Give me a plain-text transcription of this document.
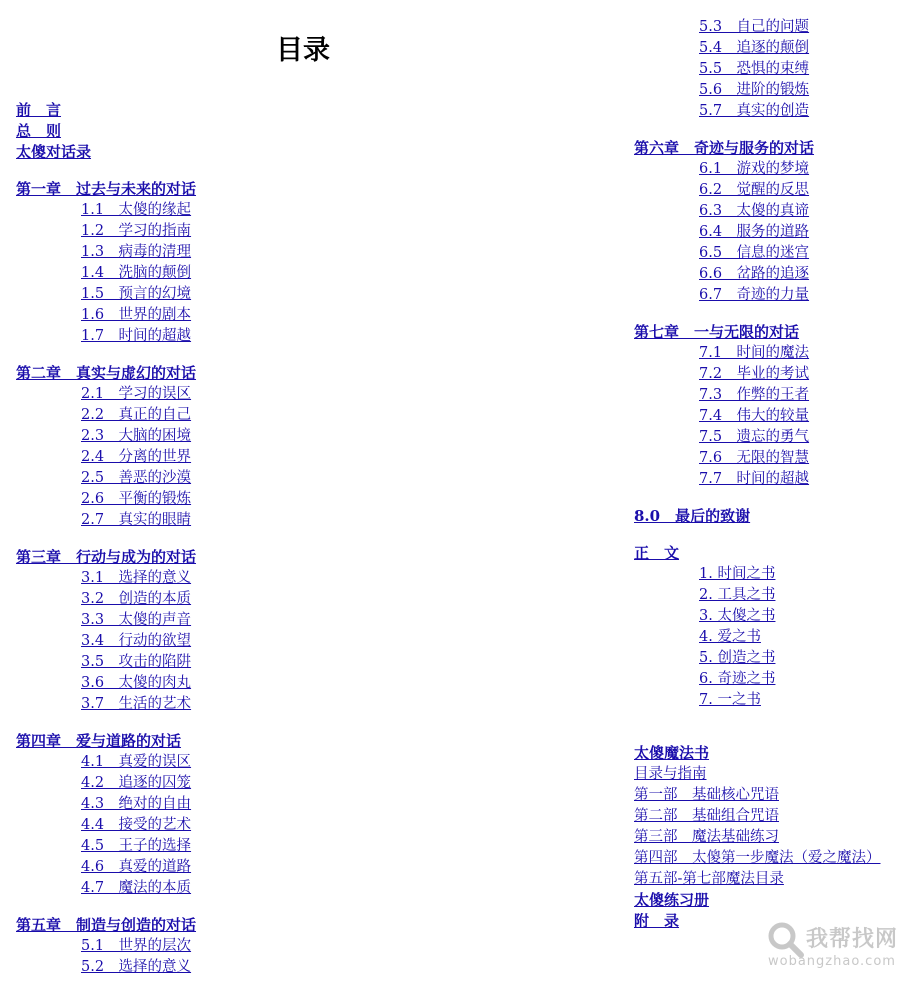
目录
前　言
总　则
太傻对话录
第一章　过去与未来的对话
1.1　太傻的缘起
1.2　学习的指南
1.3　病毒的清理
1.4　洗脑的颠倒
1.5　预言的幻境
1.6　世界的剧本
1.7　时间的超越
第二章　真实与虚幻的对话
2.1　学习的误区
2.2　真正的自己
2.3　大脑的困境
2.4　分离的世界
2.5　善恶的沙漠
2.6　平衡的锻炼
2.7　真实的眼睛
第三章　行动与成为的对话
3.1　选择的意义
3.2　创造的本质
3.3　太傻的声音
3.4　行动的欲望
3.5　攻击的陷阱
3.6　太傻的肉丸
3.7　生活的艺术
第四章　爱与道路的对话
4.1　真爱的误区
4.2　追逐的囚笼
4.3　绝对的自由
4.4　接受的艺术
4.5　王子的选择
4.6　真爱的道路
4.7　魔法的本质
第五章　制造与创造的对话
5.1　世界的层次
5.2　选择的意义
5.3　自己的问题
5.4　追逐的颠倒
5.5　恐惧的束缚
5.6　进阶的锻炼
5.7　真实的创造
第六章　奇迹与服务的对话
6.1　游戏的梦境
6.2　觉醒的反思
6.3　太傻的真谛
6.4　服务的道路
6.5　信息的迷宫
6.6　岔路的追逐
6.7　奇迹的力量
第七章　一与无限的对话
7.1　时间的魔法
7.2　毕业的考试
7.3　作弊的王者
7.4　伟大的较量
7.5　遗忘的勇气
7.6　无限的智慧
7.7　时间的超越
8.0　最后的致谢
正　文
1. 时间之书
2. 工具之书
3. 太傻之书
4. 爱之书
5. 创造之书
6. 奇迹之书
7. 一之书
太傻魔法书
目录与指南
第一部　基础核心咒语
第二部　基础组合咒语
第三部　魔法基础练习
第四部　太傻第一步魔法（爱之魔法）
第五部-第七部魔法目录
太傻练习册
附　录
我帮找网
wobangzhao.com
